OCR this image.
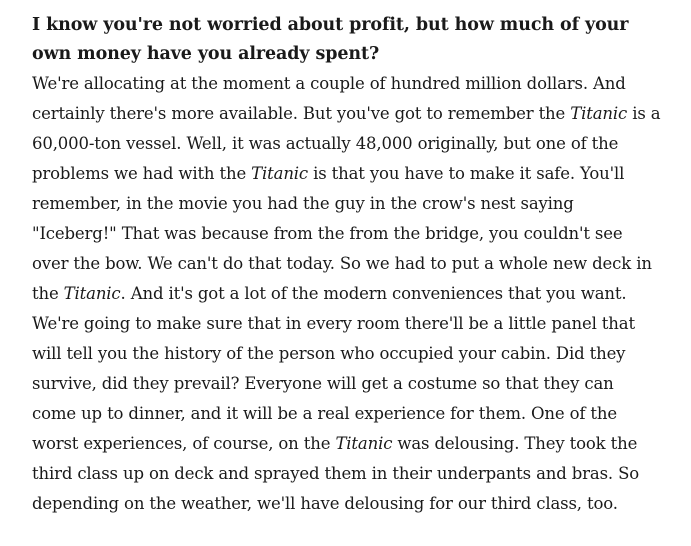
I know you're not worried about profit, but how much of your own money have you already spent?

We're allocating at the moment a couple of hundred million dollars. And certainly there's more available. But you've got to remember the Titanic is a 60,000-ton vessel. Well, it was actually 48,000 originally, but one of the problems we had with the Titanic is that you have to make it safe. You'll remember, in the movie you had the guy in the crow's nest saying "Iceberg!" That was because from the from the bridge, you couldn't see over the bow. We can't do that today. So we had to put a whole new deck in the Titanic. And it's got a lot of the modern conveniences that you want. We're going to make sure that in every room there'll be a little panel that will tell you the history of the person who occupied your cabin. Did they survive, did they prevail? Everyone will get a costume so that they can come up to dinner, and it will be a real experience for them. One of the worst experiences, of course, on the Titanic was delousing. They took the third class up on deck and sprayed them in their underpants and bras. So depending on the weather, we'll have delousing for our third class, too.
